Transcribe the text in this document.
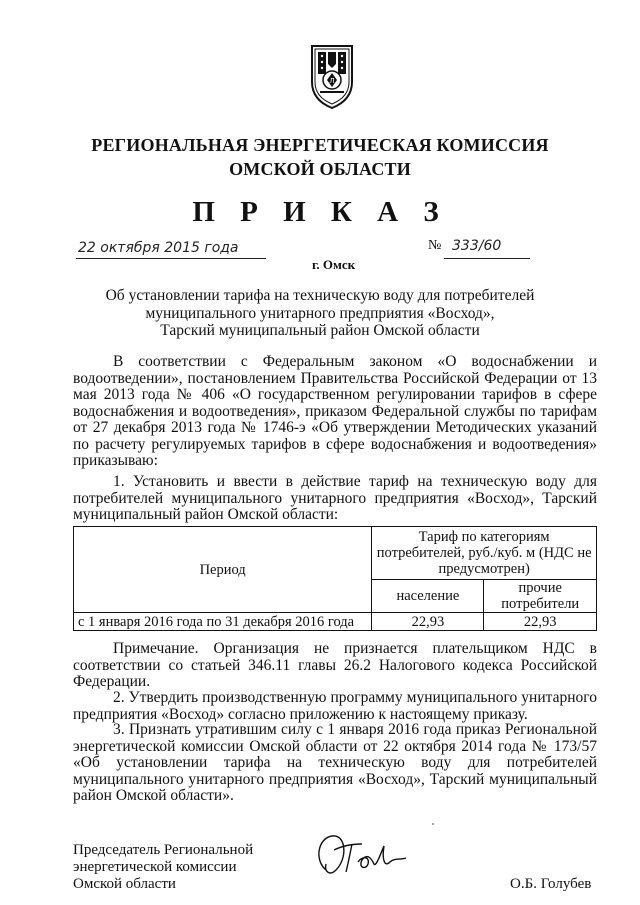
Л
РЕГИОНАЛЬНАЯ ЭНЕРГЕТИЧЕСКАЯ КОМИССИЯ
ОМСКОЙ ОБЛАСТИ
П Р И К А З
22 октября 2015 года	№ 333/60
г. Омск
Об установлении тарифа на техническую воду для потребителей
муниципального унитарного предприятия «Восход»,
Тарский муниципальный район Омской области
В соответствии с Федеральным законом «О водоснабжении и водоотведении», постановлением Правительства Российской Федерации от 13 мая 2013 года № 406 «О государственном регулировании тарифов в сфере водоснабжения и водоотведения», приказом Федеральной службы по тарифам от 27 декабря 2013 года № 1746-э «Об утверждении Методических указаний по расчету регулируемых тарифов в сфере водоснабжения и водоотведения» приказываю:
1. Установить и ввести в действие тариф на техническую воду для потребителей муниципального унитарного предприятия «Восход», Тарский муниципальный район Омской области:
Период	Тариф по категориям потребителей, руб./куб. м (НДС не предусмотрен)	
	население	прочие потребители
с 1 января 2016 года по 31 декабря 2016 года	22,93	22,93
Примечание. Организация не признается плательщиком НДС в соответствии со статьей 346.11 главы 26.2 Налогового кодекса Российской Федерации.
2. Утвердить производственную программу муниципального унитарного предприятия «Восход» согласно приложению к настоящему приказу.
3. Признать утратившим силу с 1 января 2016 года приказ Региональной энергетической комиссии Омской области от 22 октября 2014 года № 173/57 «Об установлении тарифа на техническую воду для потребителей муниципального унитарного предприятия «Восход», Тарский муниципальный район Омской области».
Председатель Региональной
энергетической комиссии
Омской области	О.Б. Голубев
